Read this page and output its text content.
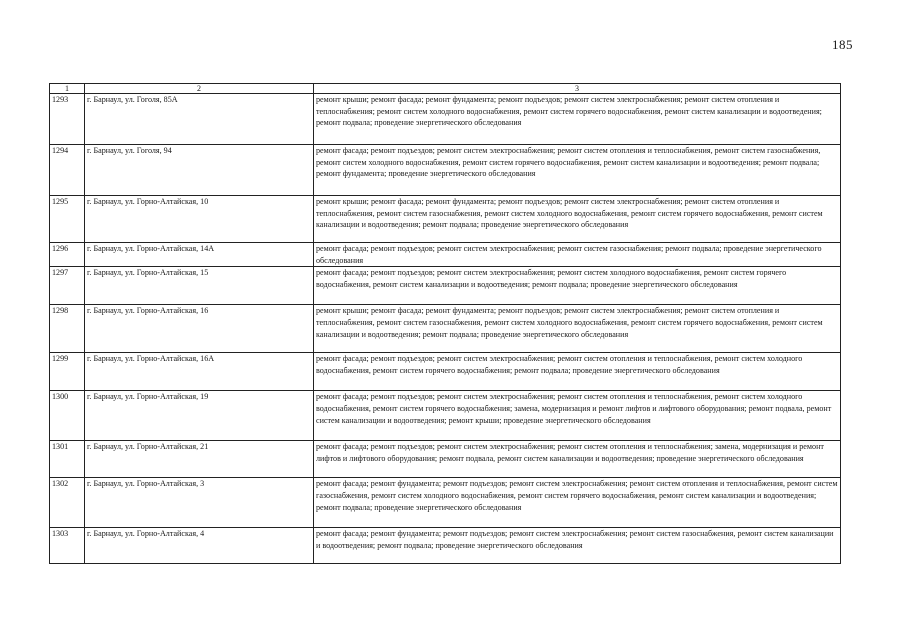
185
1	2	3
1293	г. Барнаул, ул. Гоголя, 85А	ремонт крыши; ремонт фасада; ремонт фундамента; ремонт подъездов; ремонт систем электроснабжения; ремонт систем отопления и теплоснабжения; ремонт систем холодного водоснабжения, ремонт систем горячего водоснабжения, ремонт систем канализации и водоотведения; ремонт подвала; проведение энергетического обследования
1294	г. Барнаул, ул. Гоголя, 94	ремонт фасада; ремонт подъездов; ремонт систем электроснабжения; ремонт систем отопления и теплоснабжения, ремонт систем газоснабжения, ремонт систем холодного водоснабжения, ремонт систем горячего водоснабжения, ремонт систем канализации и водоотведения; ремонт подвала; ремонт фундамента; проведение энергетического обследования
1295	г. Барнаул, ул. Горно-Алтайская, 10	ремонт крыши; ремонт фасада; ремонт фундамента; ремонт подъездов; ремонт систем электроснабжения; ремонт систем отопления и теплоснабжения, ремонт систем газоснабжения, ремонт систем холодного водоснабжения, ремонт систем горячего водоснабжения, ремонт систем канализации и водоотведения; ремонт подвала; проведение энергетического обследования
1296	г. Барнаул, ул. Горно-Алтайская, 14А	ремонт фасада; ремонт подъездов; ремонт систем электроснабжения; ремонт систем газоснабжения; ремонт подвала; проведение энергетического обследования
1297	г. Барнаул, ул. Горно-Алтайская, 15	ремонт фасада; ремонт подъездов; ремонт систем электроснабжения; ремонт систем холодного водоснабжения, ремонт систем горячего водоснабжения, ремонт систем канализации и водоотведения; ремонт подвала; проведение энергетического обследования
1298	г. Барнаул, ул. Горно-Алтайская, 16	ремонт крыши; ремонт фасада; ремонт фундамента; ремонт подъездов; ремонт систем электроснабжения; ремонт систем отопления и теплоснабжения, ремонт систем газоснабжения, ремонт систем холодного водоснабжения, ремонт систем горячего водоснабжения, ремонт систем канализации и водоотведения; ремонт подвала; проведение энергетического обследования
1299	г. Барнаул, ул. Горно-Алтайская, 16А	ремонт фасада; ремонт подъездов; ремонт систем электроснабжения; ремонт систем отопления и теплоснабжения, ремонт систем холодного водоснабжения, ремонт систем горячего водоснабжения; ремонт подвала; проведение энергетического обследования
1300	г. Барнаул, ул. Горно-Алтайская, 19	ремонт фасада; ремонт подъездов; ремонт систем электроснабжения; ремонт систем отопления и теплоснабжения, ремонт систем холодного водоснабжения, ремонт систем горячего водоснабжения; замена, модернизация и ремонт лифтов и лифтового оборудования; ремонт подвала, ремонт систем канализации и водоотведения; ремонт крыши; проведение энергетического обследования
1301	г. Барнаул, ул. Горно-Алтайская, 21	ремонт фасада; ремонт подъездов; ремонт систем электроснабжения; ремонт систем отопления и теплоснабжения; замена, модернизация и ремонт лифтов и лифтового оборудования; ремонт подвала, ремонт систем канализации и водоотведения; проведение энергетического обследования
1302	г. Барнаул, ул. Горно-Алтайская, 3	ремонт фасада; ремонт фундамента; ремонт подъездов; ремонт систем электроснабжения; ремонт систем отопления и теплоснабжения, ремонт систем газоснабжения, ремонт систем холодного водоснабжения, ремонт систем горячего водоснабжения, ремонт систем канализации и водоотведения; ремонт подвала; проведение энергетического обследования
1303	г. Барнаул, ул. Горно-Алтайская, 4	ремонт фасада; ремонт фундамента; ремонт подъездов; ремонт систем электроснабжения; ремонт систем газоснабжения, ремонт систем канализации и водоотведения; ремонт подвала; проведение энергетического обследования
